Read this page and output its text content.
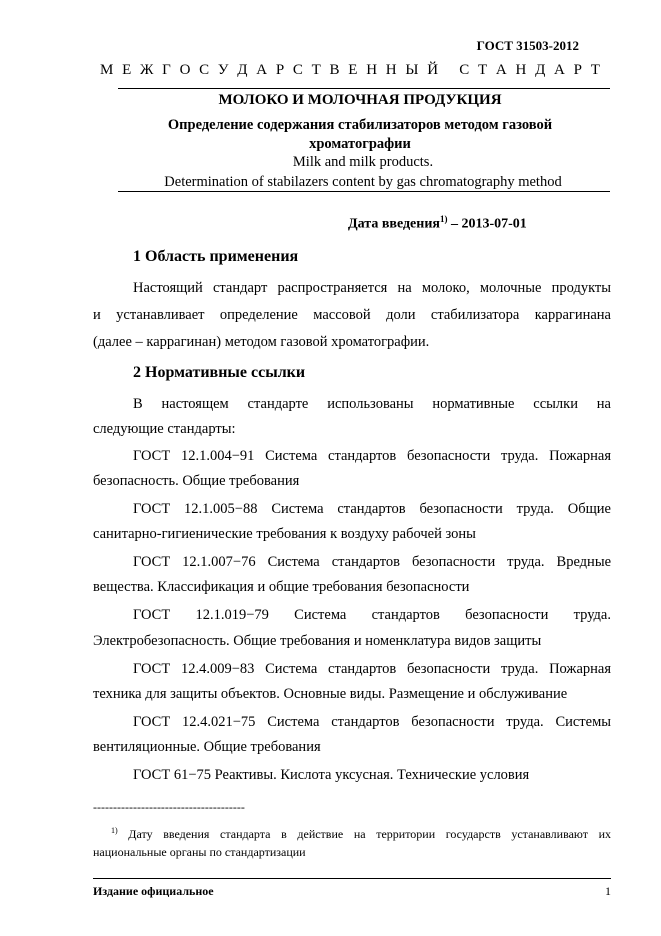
ГОСТ 31503-2012
М Е Ж Г О С У Д А Р С Т В Е Н Н Ы Й
С Т А Н Д А Р Т
МОЛОКО И МОЛОЧНАЯ ПРОДУКЦИЯ
Определение содержания стабилизаторов методом газовой
хроматографии
Milk and milk products.
Determination of stabilazers content by gas chromatography method
Дата введения$^{1)}$ – 2013-07-01
1 Область применения
Настоящий стандарт распространяется на молоко, молочные продукты
и устанавливает определение массовой доли стабилизатора каррагинана
(далее – каррагинан) методом газовой хроматографии.
2 Нормативные ссылки
В настоящем стандарте использованы нормативные ссылки на
следующие стандарты:
ГОСТ 12.1.004−91 Система стандартов безопасности труда. Пожарная
безопасность. Общие требования
ГОСТ 12.1.005−88 Система стандартов безопасности труда. Общие
санитарно-гигиенические требования к воздуху рабочей зоны
ГОСТ 12.1.007−76 Система стандартов безопасности труда. Вредные
вещества. Классификация и общие требования безопасности
ГОСТ 12.1.019−79 Система стандартов безопасности труда.
Электробезопасность. Общие требования и номенклатура видов защиты
ГОСТ 12.4.009−83 Система стандартов безопасности труда. Пожарная
техника для защиты объектов. Основные виды. Размещение и обслуживание
ГОСТ 12.4.021−75 Система стандартов безопасности труда. Системы
вентиляционные. Общие требования
ГОСТ 61−75 Реактивы. Кислота уксусная. Технические условия
--------------------------------------
$^{1)}$ Дату введения стандарта в действие на территории государств устанавливают их национальные органы по стандартизации
Издание официальное	1
